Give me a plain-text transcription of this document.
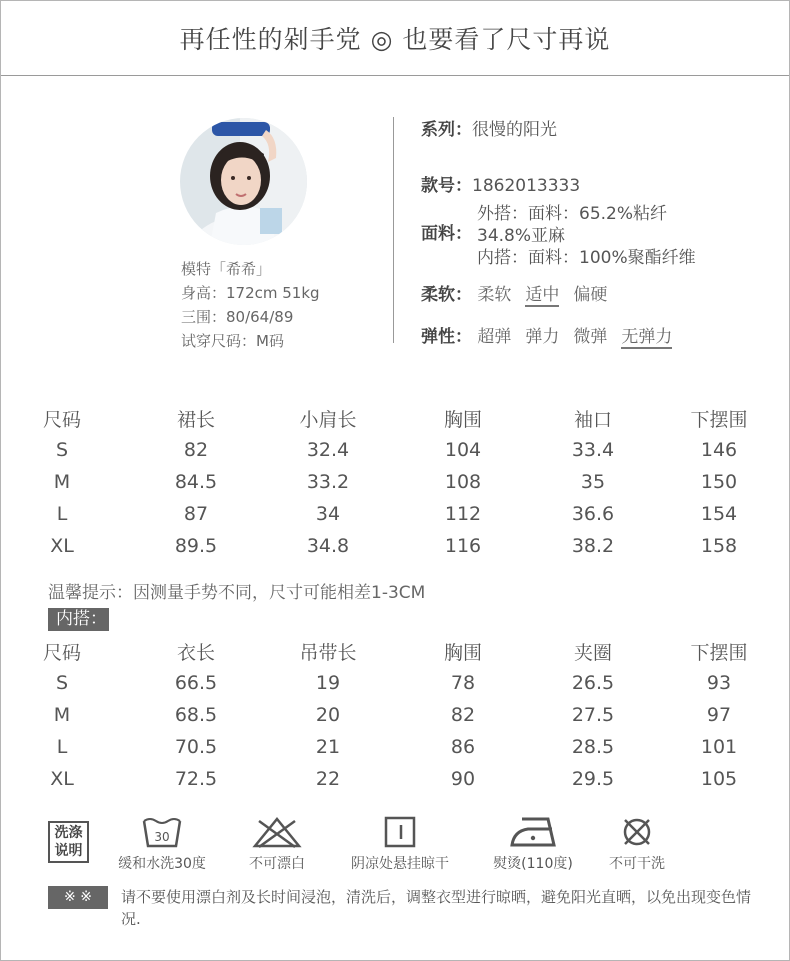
再任性的剁手党 ◎ 也要看了尺寸再说
模特「希希」
身高：172cm 51kg
三围：80/64/89
试穿尺码：M码
系列：很慢的阳光
款号：1862013333
面料：
外搭：面料：65.2%粘纤
34.8%亚麻
内搭：面料：100%聚酯纤维
柔软： 柔软 适中 偏硬
弹性： 超弹 弹力 微弹 无弹力
尺码	裙长	小肩长	胸围	袖口	下摆围
S	82	32.4	104	33.4	146
M	84.5	33.2	108	35	150
L	87	34	112	36.6	154
XL	89.5	34.8	116	38.2	158
温馨提示：因测量手势不同，尺寸可能相差1-3CM
内搭：
尺码	衣长	吊带长	胸围	夹圈	下摆围
S	66.5	19	78	26.5	93
M	68.5	20	82	27.5	97
L	70.5	21	86	28.5	101
XL	72.5	22	90	29.5	105
洗涤
说明
30
缓和水洗30度	不可漂白	阴凉处悬挂晾干	熨烫(110度)	不可干洗
※ ※	请不要使用漂白剂及长时间浸泡，清洗后，调整衣型进行晾晒，避免阳光直晒，以免出现变色情况.
